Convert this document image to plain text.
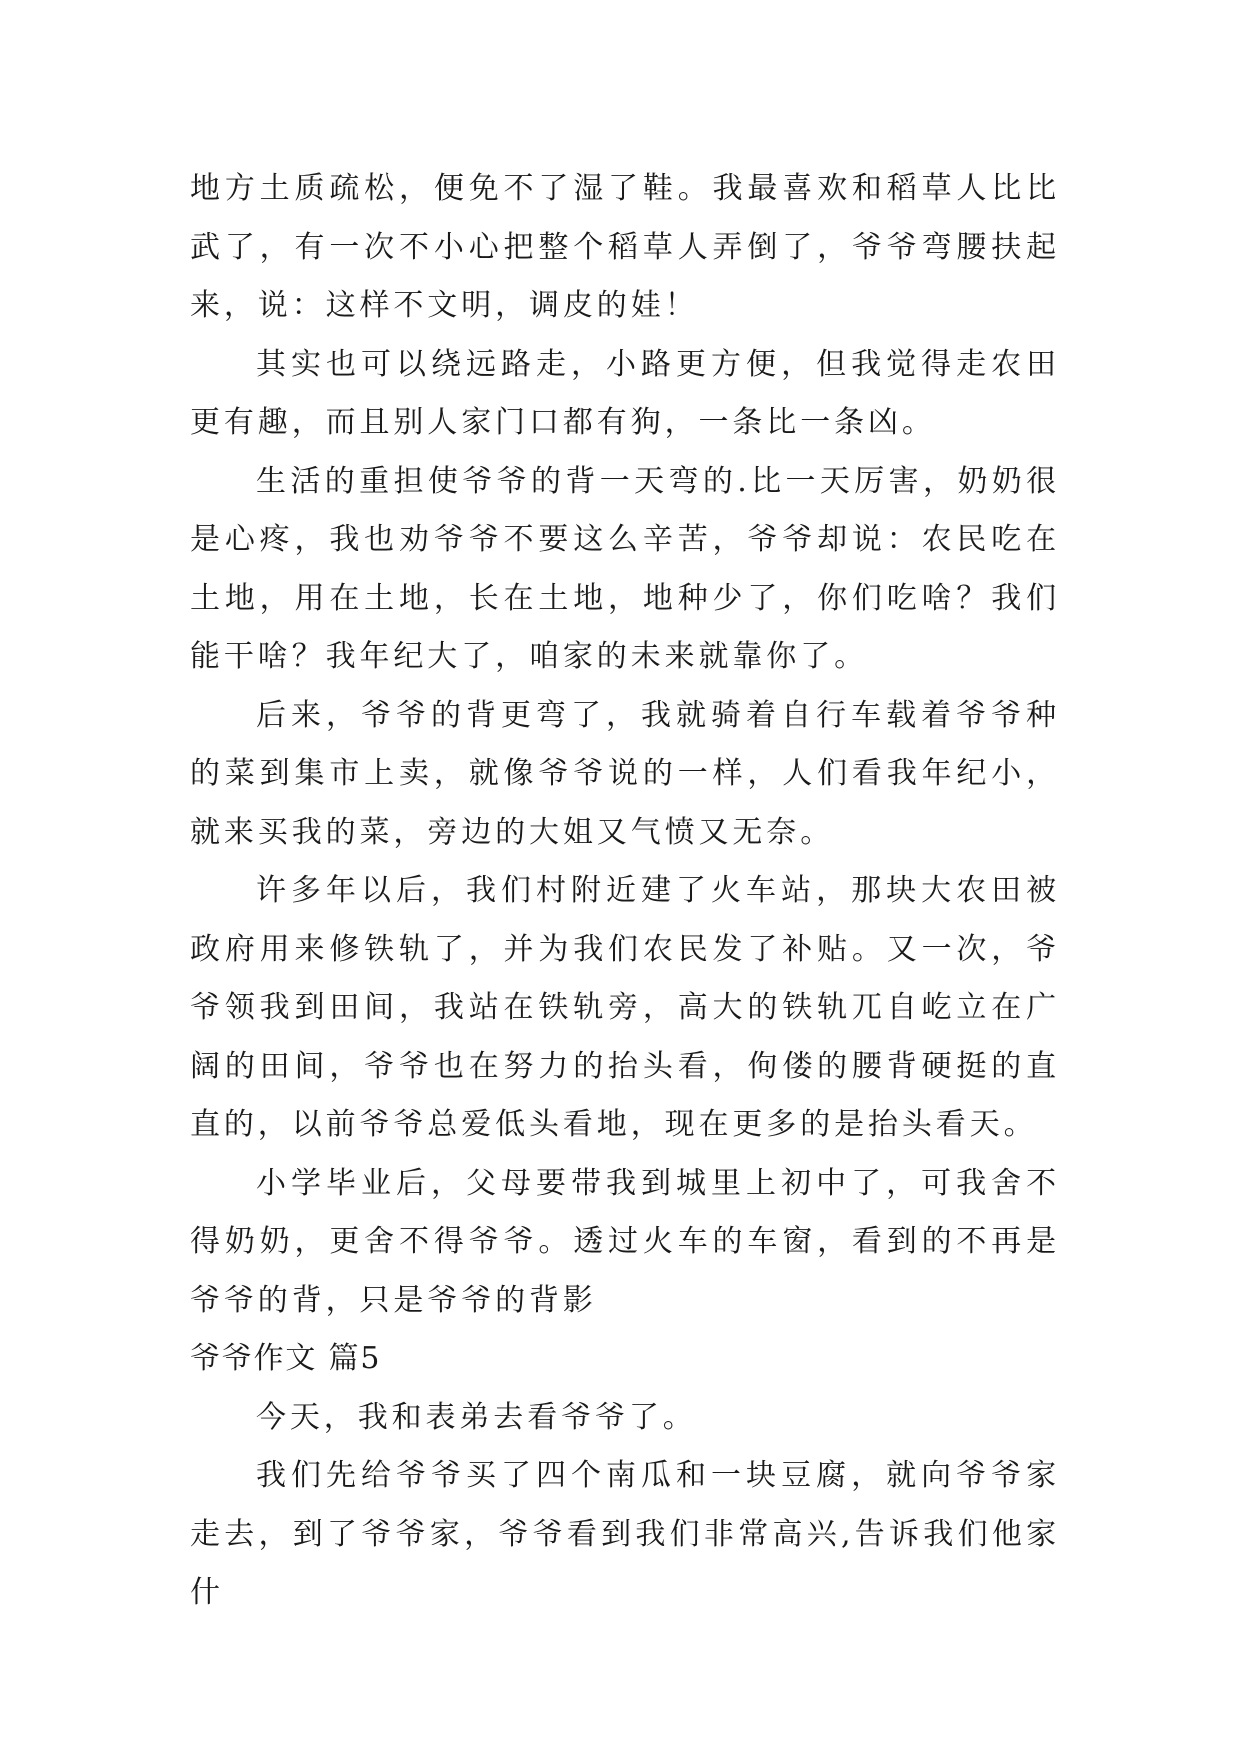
地方土质疏松，便免不了湿了鞋。我最喜欢和稻草人比比武了，有一次不小心把整个稻草人弄倒了，爷爷弯腰扶起来，说：这样不文明，调皮的娃！

其实也可以绕远路走，小路更方便，但我觉得走农田更有趣，而且别人家门口都有狗，一条比一条凶。

生活的重担使爷爷的背一天弯的.比一天厉害，奶奶很是心疼，我也劝爷爷不要这么辛苦，爷爷却说：农民吃在土地，用在土地，长在土地，地种少了，你们吃啥？我们能干啥？我年纪大了，咱家的未来就靠你了。

后来，爷爷的背更弯了，我就骑着自行车载着爷爷种的菜到集市上卖，就像爷爷说的一样，人们看我年纪小，就来买我的菜，旁边的大姐又气愤又无奈。

许多年以后，我们村附近建了火车站，那块大农田被政府用来修铁轨了，并为我们农民发了补贴。又一次，爷爷领我到田间，我站在铁轨旁，高大的铁轨兀自屹立在广阔的田间，爷爷也在努力的抬头看，佝偻的腰背硬挺的直直的，以前爷爷总爱低头看地，现在更多的是抬头看天。

小学毕业后，父母要带我到城里上初中了，可我舍不得奶奶，更舍不得爷爷。透过火车的车窗，看到的不再是爷爷的背，只是爷爷的背影

爷爷作文 篇5

今天，我和表弟去看爷爷了。

我们先给爷爷买了四个南瓜和一块豆腐，就向爷爷家走去，到了爷爷家，爷爷看到我们非常高兴,告诉我们他家什
